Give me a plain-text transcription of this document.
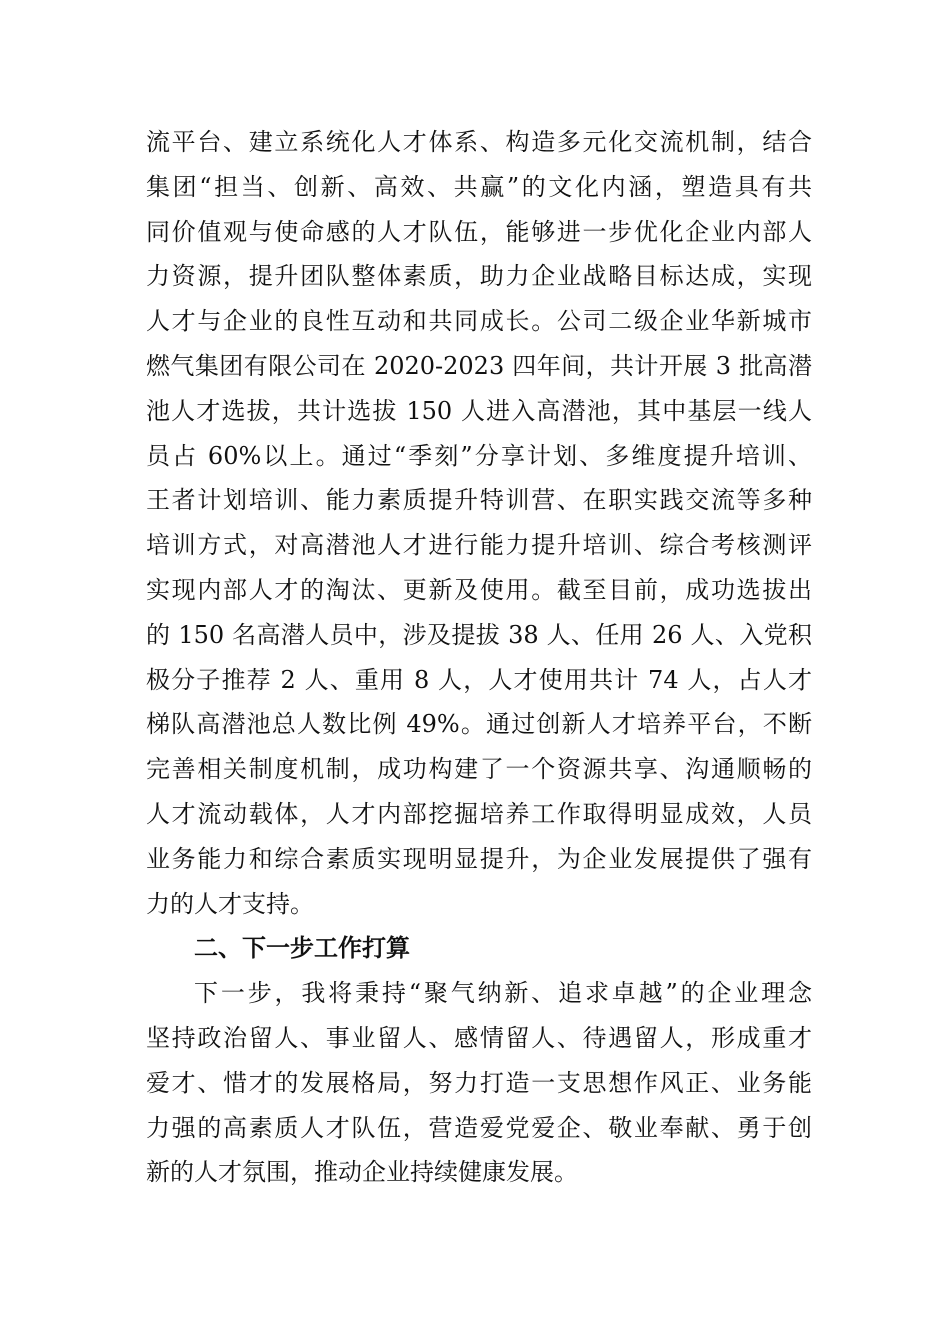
流平台、建立系统化人才体系、构造多元化交流机制，结合
集团“担当、创新、高效、共赢”的文化内涵，塑造具有共
同价值观与使命感的人才队伍，能够进一步优化企业内部人
力资源，提升团队整体素质，助力企业战略目标达成，实现
人才与企业的良性互动和共同成长。公司二级企业华新城市
燃气集团有限公司在 2020-2023 四年间，共计开展 3 批高潜
池人才选拔，共计选拔 150 人进入高潜池，其中基层一线人
员占 60%以上。通过“季刻”分享计划、多维度提升培训、
王者计划培训、能力素质提升特训营、在职实践交流等多种
培训方式，对高潜池人才进行能力提升培训、综合考核测评
实现内部人才的淘汰、更新及使用。截至目前，成功选拔出
的 150 名高潜人员中，涉及提拔 38 人、任用 26 人、入党积
极分子推荐 2 人、重用 8 人，人才使用共计 74 人，占人才
梯队高潜池总人数比例 49%。通过创新人才培养平台，不断
完善相关制度机制，成功构建了一个资源共享、沟通顺畅的
人才流动载体，人才内部挖掘培养工作取得明显成效，人员
业务能力和综合素质实现明显提升，为企业发展提供了强有
力的人才支持。
二、下一步工作打算
下一步，我将秉持“聚气纳新、追求卓越”的企业理念
坚持政治留人、事业留人、感情留人、待遇留人，形成重才
爱才、惜才的发展格局，努力打造一支思想作风正、业务能
力强的高素质人才队伍，营造爱党爱企、敬业奉献、勇于创
新的人才氛围，推动企业持续健康发展。
